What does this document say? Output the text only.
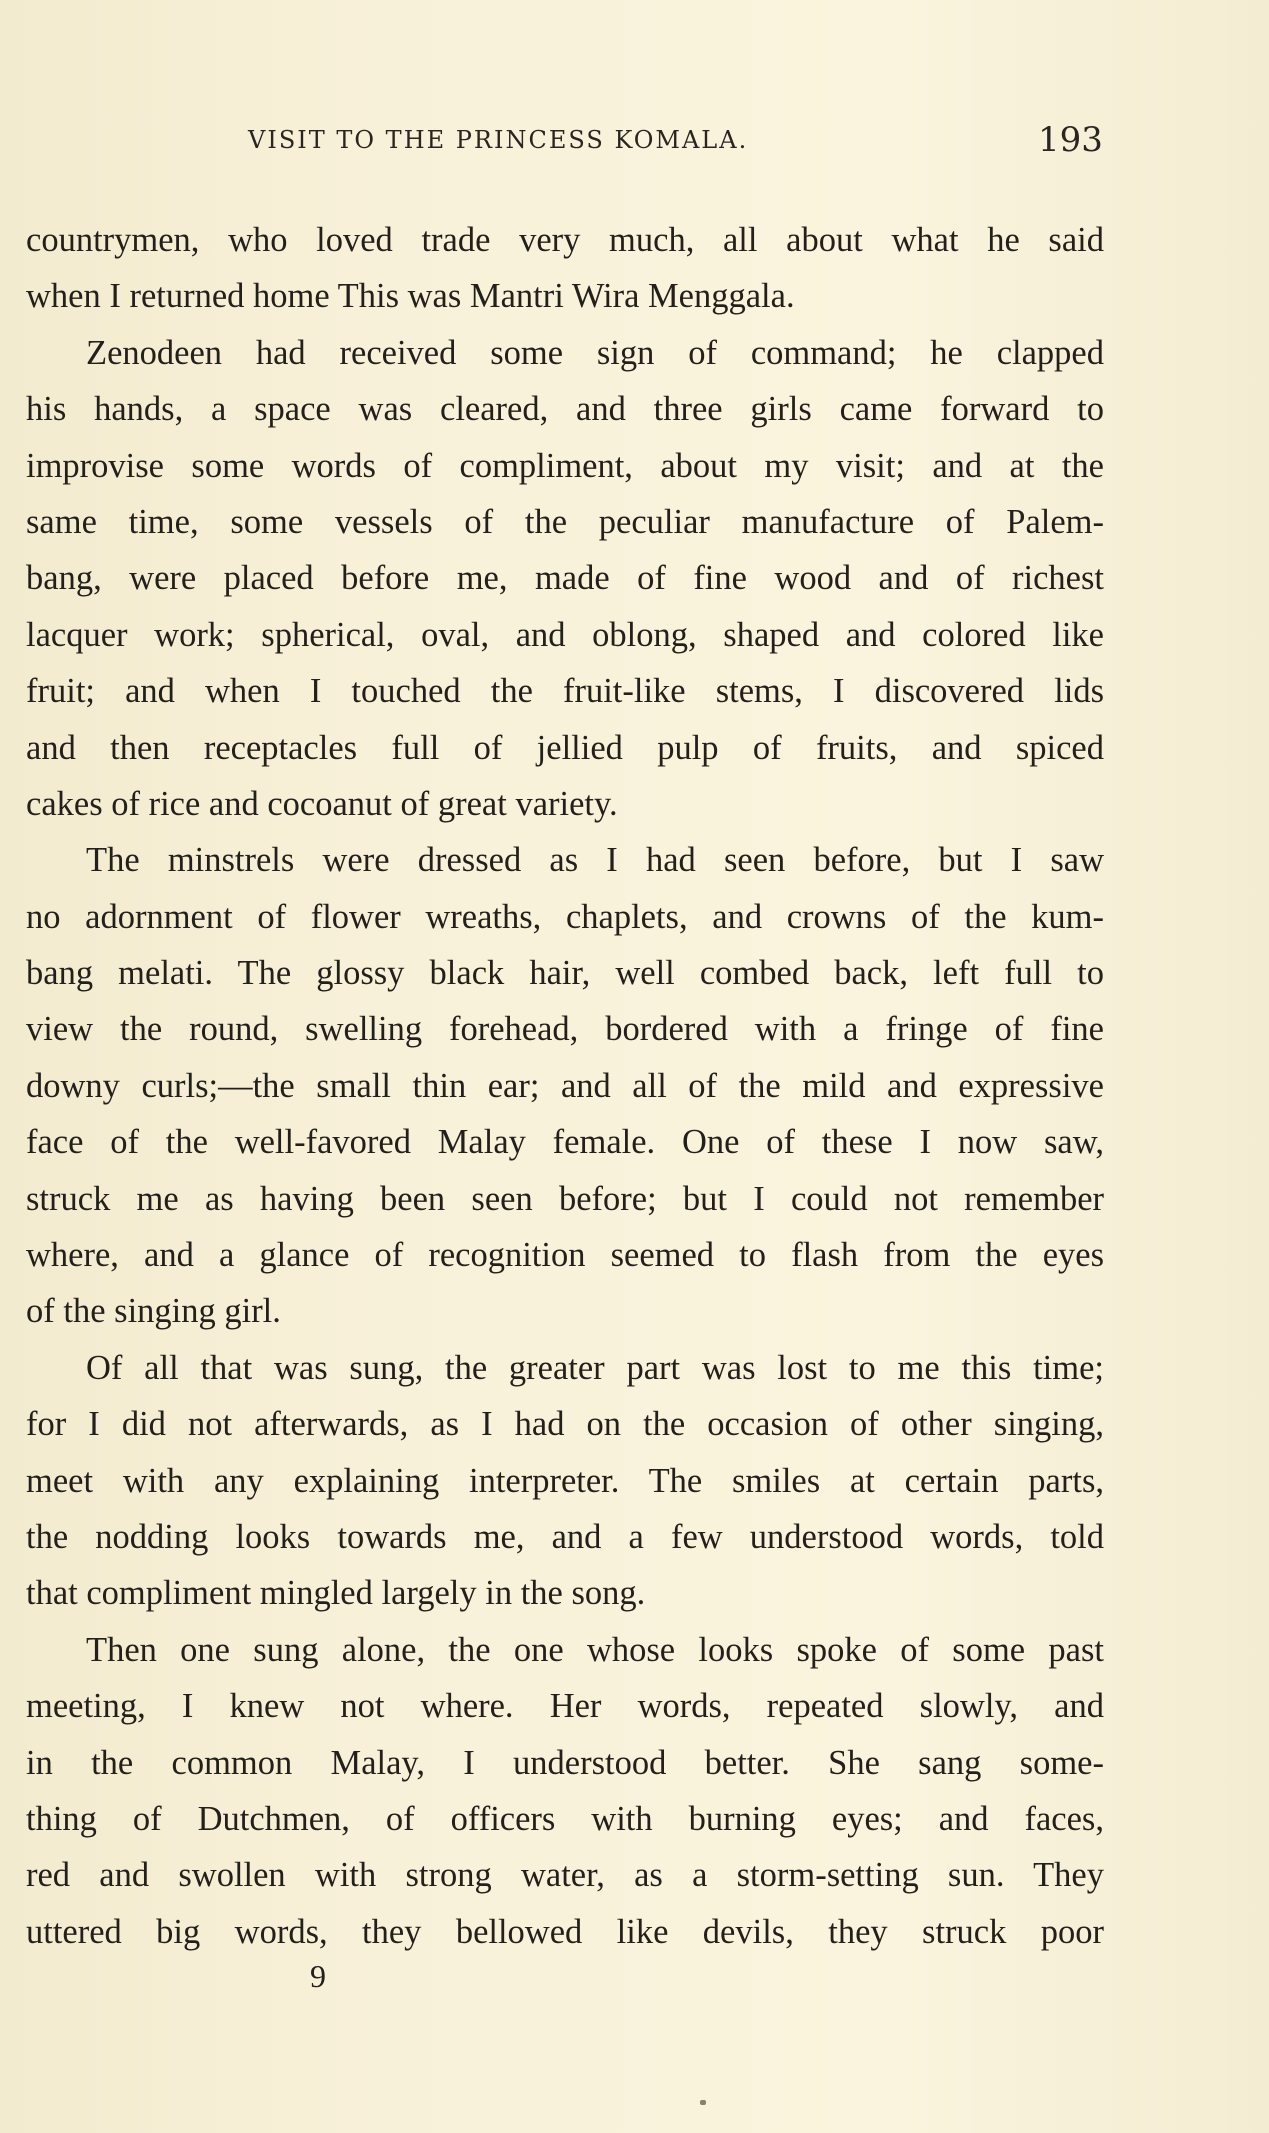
VISIT TO THE PRINCESS KOMALA.	193
countrymen, who loved trade very much, all about what he said
when I returned home This was Mantri Wira Menggala.
Zenodeen had received some sign of command; he clapped
his hands, a space was cleared, and three girls came forward to
improvise some words of compliment, about my visit; and at the
same time, some vessels of the peculiar manufacture of Palem-
bang, were placed before me, made of fine wood and of richest
lacquer work; spherical, oval, and oblong, shaped and colored like
fruit; and when I touched the fruit-like stems, I discovered lids
and then receptacles full of jellied pulp of fruits, and spiced
cakes of rice and cocoanut of great variety.
The minstrels were dressed as I had seen before, but I saw
no adornment of flower wreaths, chaplets, and crowns of the kum-
bang melati. The glossy black hair, well combed back, left full to
view the round, swelling forehead, bordered with a fringe of fine
downy curls;—the small thin ear; and all of the mild and expressive
face of the well-favored Malay female. One of these I now saw,
struck me as having been seen before; but I could not remember
where, and a glance of recognition seemed to flash from the eyes
of the singing girl.
Of all that was sung, the greater part was lost to me this time;
for I did not afterwards, as I had on the occasion of other singing,
meet with any explaining interpreter. The smiles at certain parts,
the nodding looks towards me, and a few understood words, told
that compliment mingled largely in the song.
Then one sung alone, the one whose looks spoke of some past
meeting, I knew not where. Her words, repeated slowly, and
in the common Malay, I understood better. She sang some-
thing of Dutchmen, of officers with burning eyes; and faces,
red and swollen with strong water, as a storm-setting sun. They
uttered big words, they bellowed like devils, they struck poor
9
